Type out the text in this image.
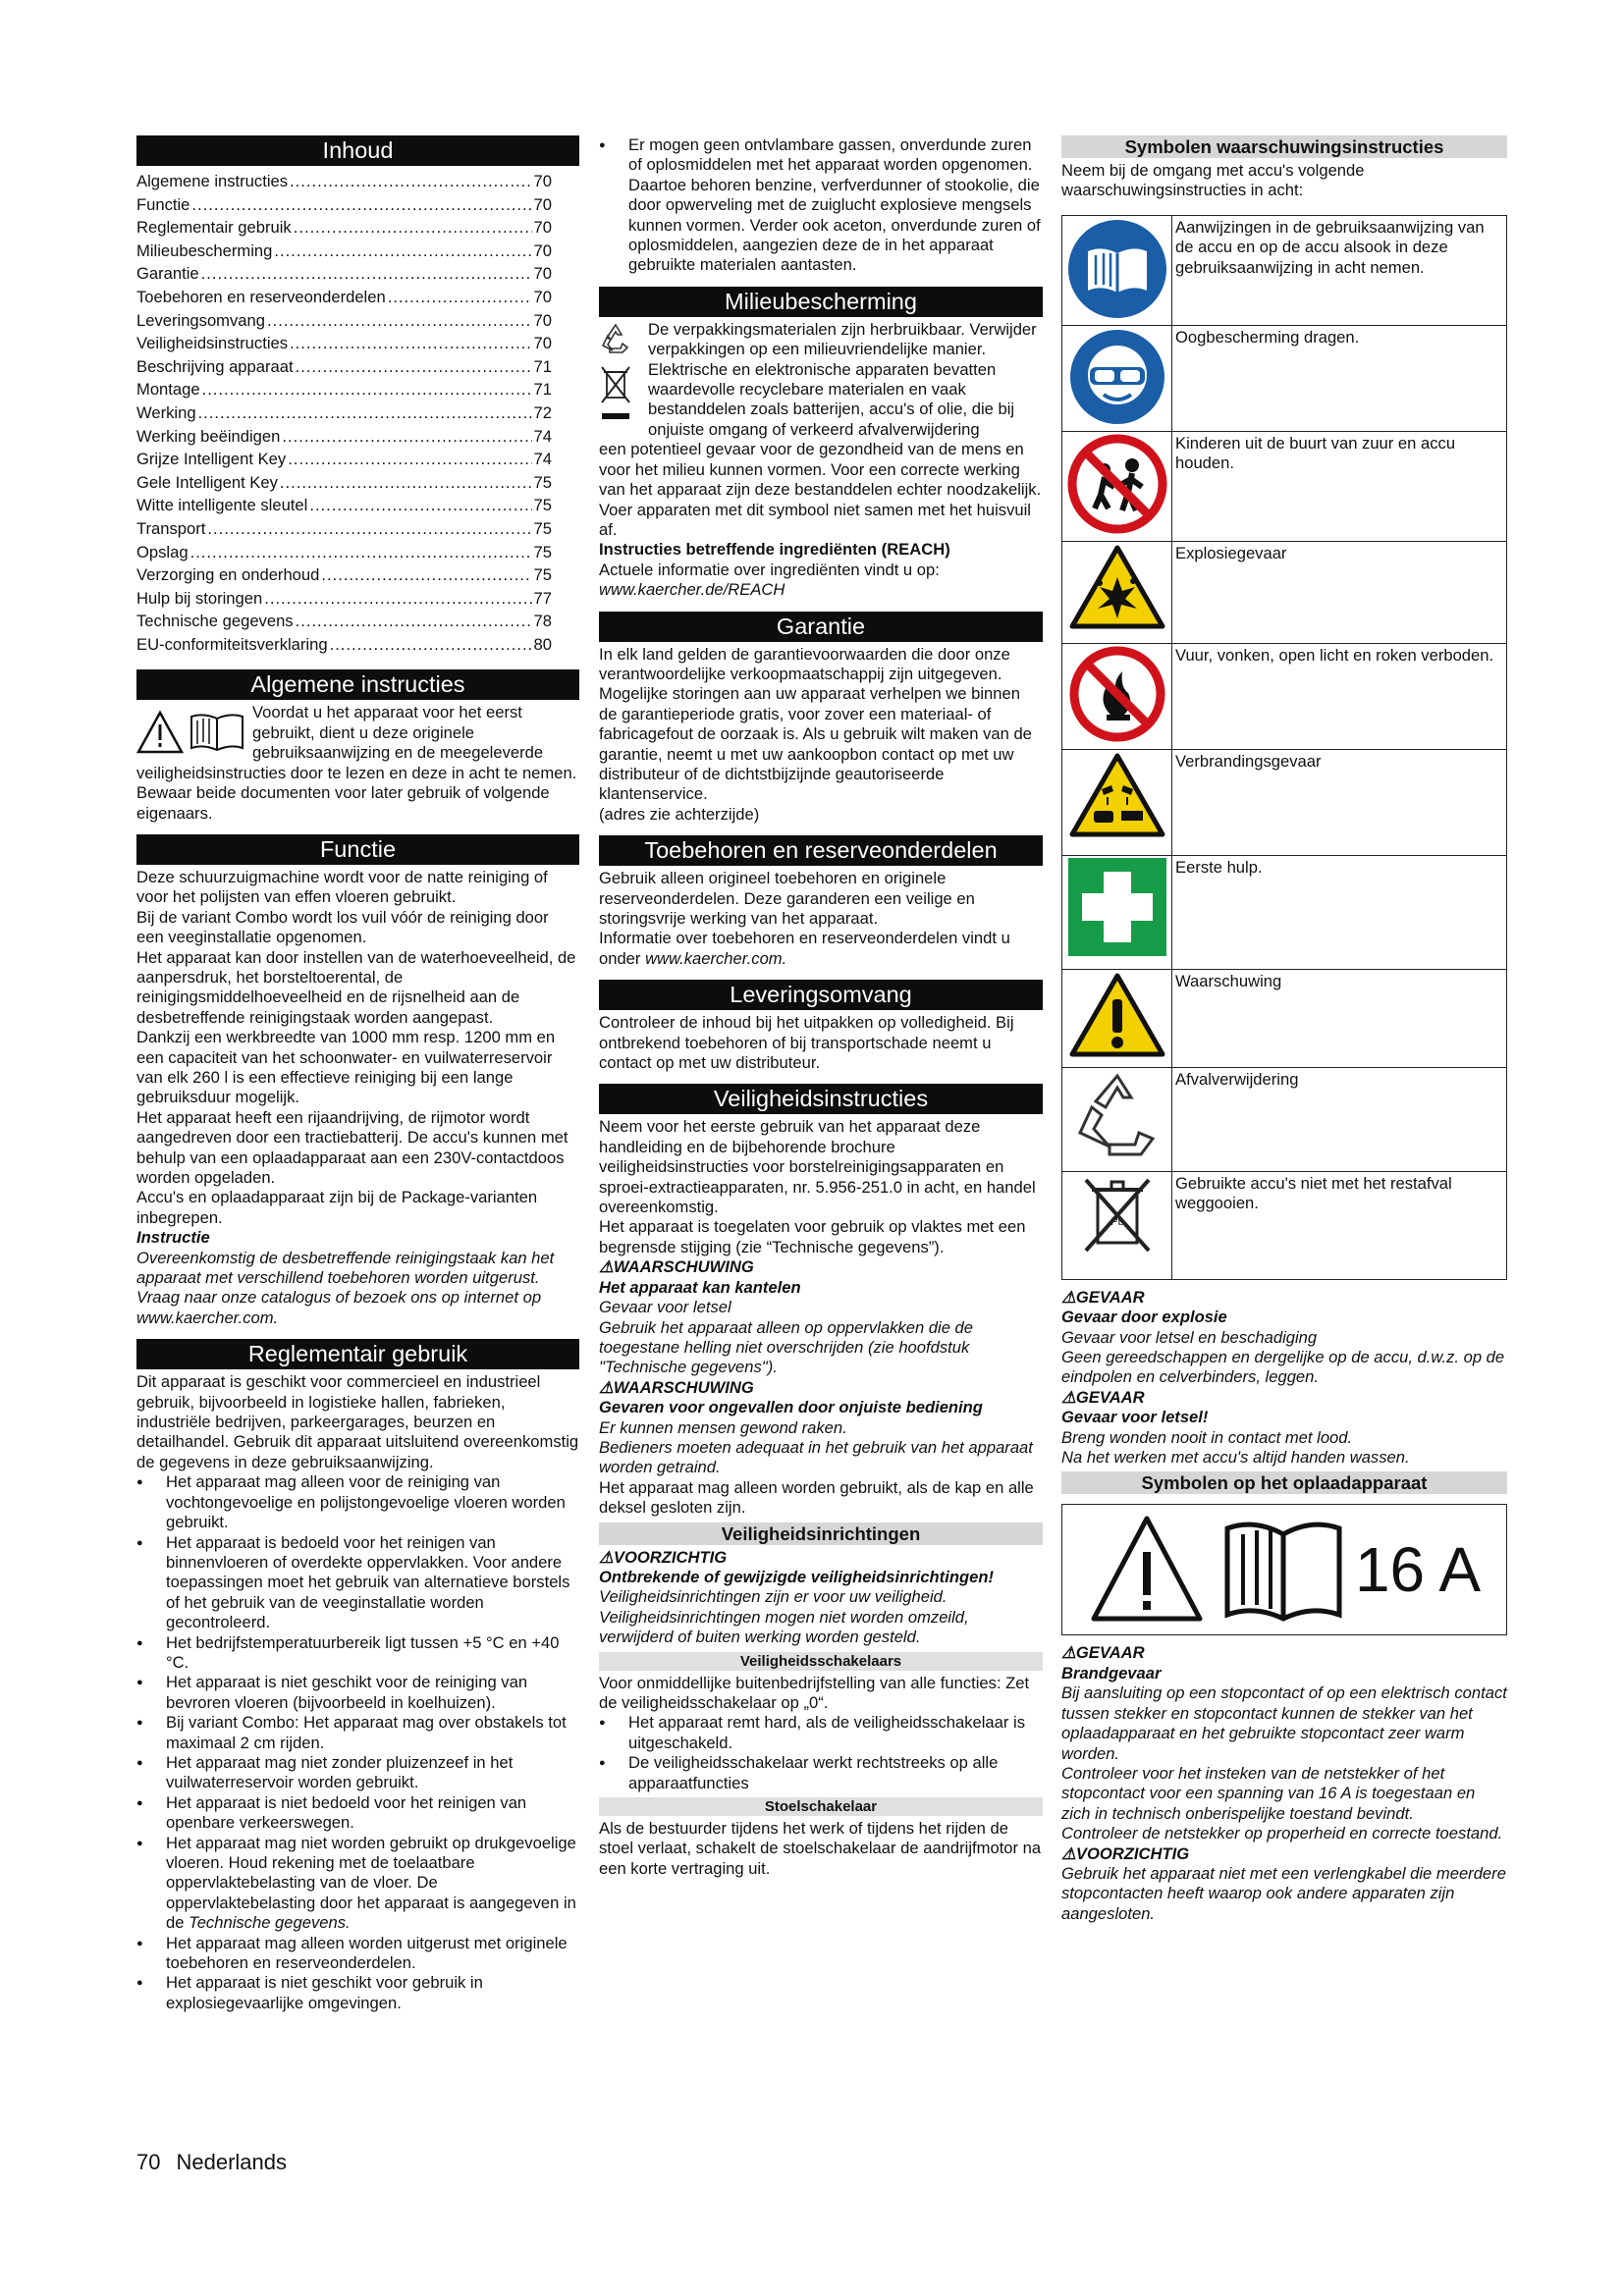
Inhoud
Algemene instructies .....	70
Functie .....	70
Reglementair gebruik .....	70
Milieubescherming .....	70
Garantie .....	70
Toebehoren en reserveonderdelen .....	70
Leveringsomvang .....	70
Veiligheidsinstructies .....	70
Beschrijving apparaat .....	71
Montage .....	71
Werking .....	72
Werking beëindigen .....	74
Grijze Intelligent Key .....	74
Gele Intelligent Key .....	75
Witte intelligente sleutel .....	75
Transport .....	75
Opslag .....	75
Verzorging en onderhoud .....	75
Hulp bij storingen .....	77
Technische gegevens .....	78
EU-conformiteitsverklaring .....	80
Algemene instructies

Voordat u het apparaat voor het eerst gebruikt, dient u deze originele gebruiksaanwijzing en de meegeleverde

veiligheidsinstructies door te lezen en deze in acht te nemen.

Bewaar beide documenten voor later gebruik of volgende eigenaars.

Functie

Deze schuurzuigmachine wordt voor de natte reiniging of voor het polijsten van effen vloeren gebruikt.

Bij de variant Combo wordt los vuil vóór de reiniging door een veeginstallatie opgenomen.

Het apparaat kan door instellen van de waterhoeveelheid, de aanpersdruk, het borsteltoerental, de reinigingsmiddelhoeveelheid en de rijsnelheid aan de desbetreffende reinigingstaak worden aangepast.

Dankzij een werkbreedte van 1000 mm resp. 1200 mm en een capaciteit van het schoonwater- en vuilwaterreservoir van elk 260 l is een effectieve reiniging bij een lange gebruiksduur mogelijk.

Het apparaat heeft een rijaandrijving, de rijmotor wordt aangedreven door een tractiebatterij. De accu's kunnen met behulp van een oplaadapparaat aan een 230V-contactdoos worden opgeladen.

Accu's en oplaadapparaat zijn bij de Package-varianten inbegrepen.

Instructie

Overeenkomstig de desbetreffende reinigingstaak kan het apparaat met verschillend toebehoren worden uitgerust. Vraag naar onze catalogus of bezoek ons op internet op www.kaercher.com.

Reglementair gebruik

Dit apparaat is geschikt voor commercieel en industrieel gebruik, bijvoorbeeld in logistieke hallen, fabrieken, industriële bedrijven, parkeergarages, beurzen en detailhandel. Gebruik dit apparaat uitsluitend overeenkomstig de gegevens in deze gebruiksaanwijzing.

● Het apparaat mag alleen voor de reiniging van vochtongevoelige en polijstongevoelige vloeren worden gebruikt.
● Het apparaat is bedoeld voor het reinigen van binnenvloeren of overdekte oppervlakken. Voor andere toepassingen moet het gebruik van alternatieve borstels of het gebruik van de veeginstallatie worden gecontroleerd.
● Het bedrijfstemperatuurbereik ligt tussen +5 °C en +40 °C.
● Het apparaat is niet geschikt voor de reiniging van bevroren vloeren (bijvoorbeeld in koelhuizen).
● Bij variant Combo: Het apparaat mag over obstakels tot maximaal 2 cm rijden.
● Het apparaat mag niet zonder pluizenzeef in het vuilwaterreservoir worden gebruikt.
● Het apparaat is niet bedoeld voor het reinigen van openbare verkeerswegen.
● Het apparaat mag niet worden gebruikt op drukgevoelige vloeren. Houd rekening met de toelaatbare oppervlaktebelasting van de vloer. De oppervlaktebelasting door het apparaat is aangegeven in de Technische gegevens.
● Het apparaat mag alleen worden uitgerust met originele toebehoren en reserveonderdelen.
● Het apparaat is niet geschikt voor gebruik in explosiegevaarlijke omgevingen.
● Er mogen geen ontvlambare gassen, onverdunde zuren of oplosmiddelen met het apparaat worden opgenomen. Daartoe behoren benzine, verfverdunner of stookolie, die door opwerveling met de zuiglucht explosieve mengsels kunnen vormen. Verder ook aceton, onverdunde zuren of oplosmiddelen, aangezien deze de in het apparaat gebruikte materialen aantasten.
Milieubescherming

De verpakkingsmaterialen zijn herbruikbaar. Verwijder verpakkingen op een milieuvriendelijke manier.

Elektrische en elektronische apparaten bevatten waardevolle recyclebare materialen en vaak bestanddelen zoals batterijen, accu's of olie, die bij onjuiste omgang of verkeerd afvalverwijdering

een potentieel gevaar voor de gezondheid van de mens en voor het milieu kunnen vormen. Voor een correcte werking van het apparaat zijn deze bestanddelen echter noodzakelijk. Voer apparaten met dit symbool niet samen met het huisvuil af.

Instructies betreffende ingrediënten (REACH)

Actuele informatie over ingrediënten vindt u op:

www.kaercher.de/REACH

Garantie

In elk land gelden de garantievoorwaarden die door onze verantwoordelijke verkoopmaatschappij zijn uitgegeven. Mogelijke storingen aan uw apparaat verhelpen we binnen de garantieperiode gratis, voor zover een materiaal- of fabricagefout de oorzaak is. Als u gebruik wilt maken van de garantie, neemt u met uw aankoopbon contact op met uw distributeur of de dichtstbijzijnde geautoriseerde klantenservice.

(adres zie achterzijde)

Toebehoren en reserveonderdelen

Gebruik alleen origineel toebehoren en originele reserveonderdelen. Deze garanderen een veilige en storingsvrije werking van het apparaat.

Informatie over toebehoren en reserveonderdelen vindt u onder www.kaercher.com.

Leveringsomvang

Controleer de inhoud bij het uitpakken op volledigheid. Bij ontbrekend toebehoren of bij transportschade neemt u contact op met uw distributeur.

Veiligheidsinstructies

Neem voor het eerste gebruik van het apparaat deze handleiding en de bijbehorende brochure veiligheidsinstructies voor borstelreinigingsapparaten en sproei-extractieapparaten, nr. 5.956-251.0 in acht, en handel overeenkomstig.

Het apparaat is toegelaten voor gebruik op vlaktes met een begrensde stijging (zie “Technische gegevens”).

⚠WAARSCHUWING

Het apparaat kan kantelen

Gevaar voor letsel

Gebruik het apparaat alleen op oppervlakken die de toegestane helling niet overschrijden (zie hoofdstuk "Technische gegevens").

⚠WAARSCHUWING

Gevaren voor ongevallen door onjuiste bediening

Er kunnen mensen gewond raken.

Bedieners moeten adequaat in het gebruik van het apparaat worden getraind.

Het apparaat mag alleen worden gebruikt, als de kap en alle deksel gesloten zijn.

Veiligheidsinrichtingen

⚠VOORZICHTIG

Ontbrekende of gewijzigde veiligheidsinrichtingen!

Veiligheidsinrichtingen zijn er voor uw veiligheid. Veiligheidsinrichtingen mogen niet worden omzeild, verwijderd of buiten werking worden gesteld.

Veiligheidsschakelaars

Voor onmiddellijke buitenbedrijfstelling van alle functies: Zet de veiligheidsschakelaar op „0“.

● Het apparaat remt hard, als de veiligheidsschakelaar is uitgeschakeld.
● De veiligheidsschakelaar werkt rechtstreeks op alle apparaatfuncties
Stoelschakelaar

Als de bestuurder tijdens het werk of tijdens het rijden de stoel verlaat, schakelt de stoelschakelaar de aandrijfmotor na een korte vertraging uit.

Symbolen waarschuwingsinstructies

Neem bij de omgang met accu's volgende waarschuwingsinstructies in acht:

	Aanwijzingen in de gebruiksaanwijzing van de accu en op de accu alsook in deze gebruiksaanwijzing in acht nemen.

	Oogbescherming dragen.

	Kinderen uit de buurt van zuur en accu houden.

	Explosiegevaar

	Vuur, vonken, open licht en roken verboden.

	Verbrandingsgevaar

	Eerste hulp.

	Waarschuwing

	Afvalverwijdering

Pb	Gebruikte accu's niet met het restafval weggooien.

⚠GEVAAR

Gevaar door explosie

Gevaar voor letsel en beschadiging

Geen gereedschappen en dergelijke op de accu, d.w.z. op de eindpolen en celverbinders, leggen.

⚠GEVAAR

Gevaar voor letsel!

Breng wonden nooit in contact met lood.

Na het werken met accu's altijd handen wassen.

Symbolen op het oplaadapparaat
16 A

⚠GEVAAR

Brandgevaar

Bij aansluiting op een stopcontact of op een elektrisch contact tussen stekker en stopcontact kunnen de stekker van het oplaadapparaat en het gebruikte stopcontact zeer warm worden.

Controleer voor het insteken van de netstekker of het stopcontact voor een spanning van 16 A is toegestaan en zich in technisch onberispelijke toestand bevindt.

Controleer de netstekker op properheid en correcte toestand.

⚠VOORZICHTIG

Gebruik het apparaat niet met een verlengkabel die meerdere stopcontacten heeft waarop ook andere apparaten zijn aangesloten.

70 Nederlands
